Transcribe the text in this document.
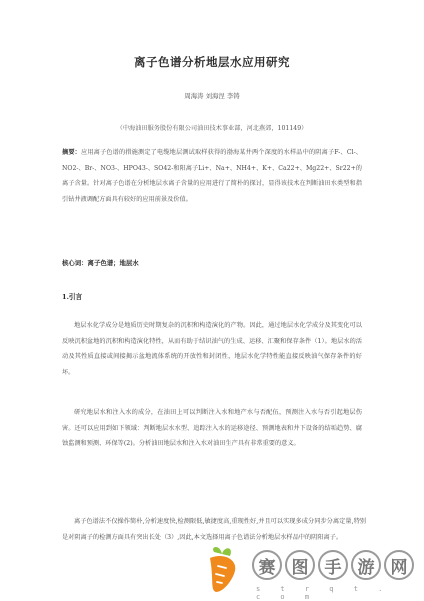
离子色谱分析地层水应用研究
周海涛 刘海涅 李铸
（中海油田服务股份有限公司油田技术事业部，河北燕郊，101149）

摘要：应用离子色谱的措施测定了电缆地层测试取样获得的渤海某井两个深度的水样品中的阴离子F-、Cl-、NO2-、Br-、NO3-、HPO43-、SO42-和阳离子Li+、Na+、NH4+、K+、Ca22+、Mg22+、Sr22+的离子含量。针对离子色谱在分析地层水离子含量的应用进行了简朴的探讨，显得该技术在判断油田水类型和指引钻井液调配方面具有较好的应用前景及价值。

核心词：离子色谱；地层水
1.引言

地层水化学成分是地质历史时期复杂的沉积和构造演化的产物。因此，通过地层水化学成分及其变化可以反映沉积盆地的沉积和构造演化特性，从而有助于结识油气的生成、运移、汇聚和保存条件（1）。地层水的活动及其性质直接或间接揭示盆地流体系统的开放性和封闭性，地层水化学特性能直接反映油气保存条件的好坏。

研究地层水和注入水的成分，在油田上可以判断注入水和地产水与否配伍，预测注入水与否引起地层伤害。还可以应用到如下领域：判断地层水水型、追踪注入水的运移途径、预测地表和井下设备的结垢趋势、腐蚀监测和预测、环保等(2)。分析油田地层水和注入水对油田生产具有非常重要的意义。

离子色谱法不仅操作简朴,分析速度快,检测限低,敏捷度高,重现性好,并且可以实现多成分同步分离定量,特别是对阴离子的检测方面具有突出长处（3）,因此,本文选择用离子色谱法分析地层水样品中的阴阳离子。

赛 图 手 游 网
s t r q t . c o m
